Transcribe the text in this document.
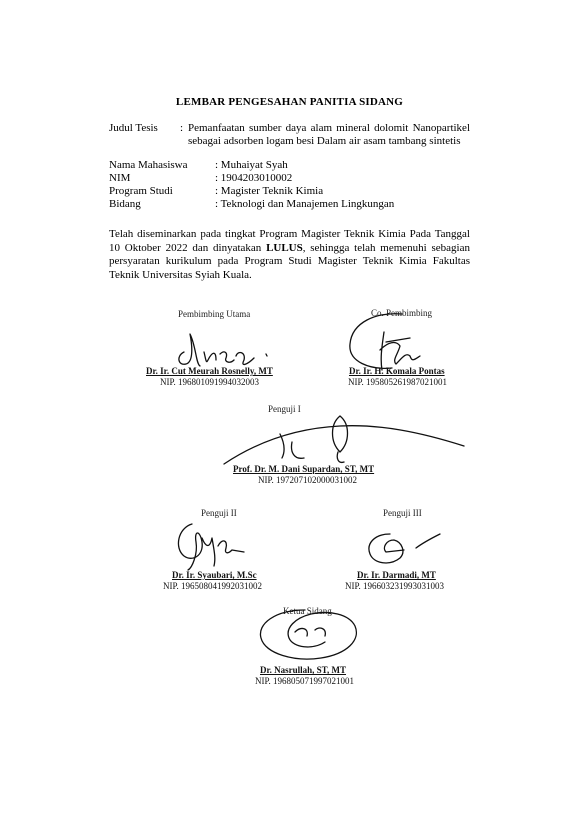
LEMBAR PENGESAHAN PANITIA SIDANG
Judul Tesis : Pemanfaatan sumber daya alam mineral dolomit Nanopartikel sebagai adsorben logam besi Dalam air asam tambang sintetis
Nama Mahasiswa : Muhaiyat Syah
NIM	: 1904203010002
Program Studi	: Magister Teknik Kimia
Bidang	: Teknologi dan Manajemen Lingkungan
Telah diseminarkan pada tingkat Program Magister Teknik Kimia Pada Tanggal 10 Oktober 2022 dan dinyatakan LULUS, sehingga telah memenuhi sebagian persyaratan kurikulum pada Program Studi Magister Teknik Kimia Fakultas Teknik Universitas Syiah Kuala.
Pembimbing Utama
Dr. Ir. Cut Meurah Rosnelly, MT
NIP. 196801091994032003
Co. Pembimbing
Dr. Ir. H. Komala Pontas
NIP. 195805261987021001
Penguji I
Prof. Dr. M. Dani Supardan, ST, MT
NIP. 197207102000031002
Penguji II
Dr. Ir. Syaubari, M.Sc
NIP. 196508041992031002
Penguji III
Dr. Ir. Darmadi, MT
NIP. 196603231993031003
Ketua Sidang
Dr. Nasrullah, ST, MT
NIP. 196805071997021001
